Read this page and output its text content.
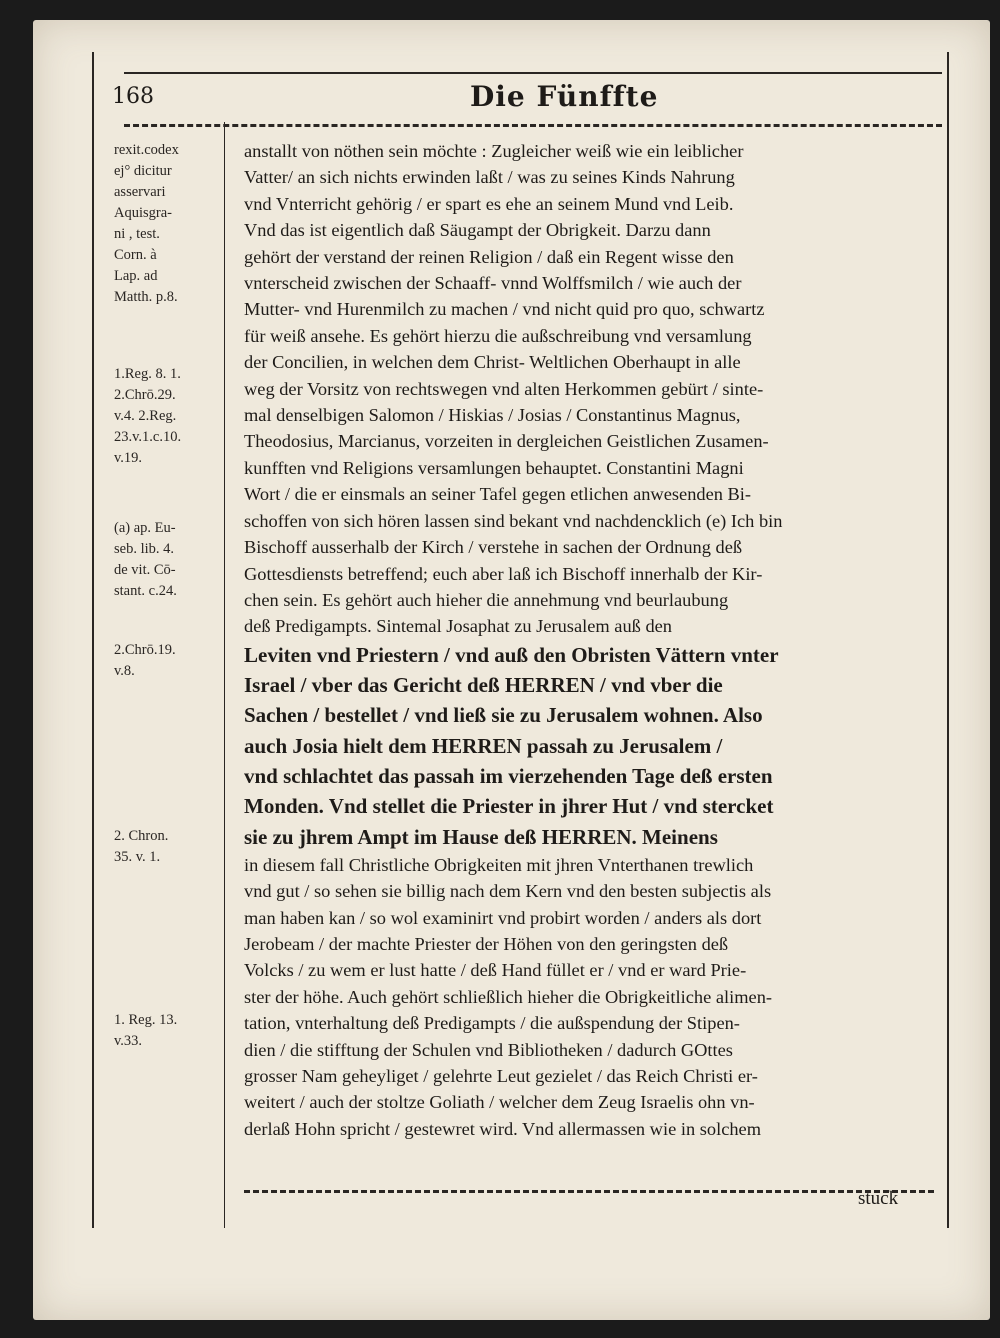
168	Die Fünffte
rexit.codex
ej° dicitur
asservari
Aquisgra-
ni , test.
Corn. à
Lap. ad
Matth. p.8.
1.Reg. 8. 1.
2.Chrō.29.
v.4. 2.Reg.
23.v.1.c.10.
v.19.
(a) ap. Eu-
seb. lib. 4.
de vit. Cō-
stant. c.24.
2.Chrō.19.
v.8.
2. Chron.
35. v. 1.
1. Reg. 13.
v.33.
anstallt von nöthen sein möchte : Zugleicher weiß wie ein leiblicher
Vatter/ an sich nichts erwinden laßt / was zu seines Kinds Nahrung
vnd Vnterricht gehörig / er spart es ehe an seinem Mund vnd Leib.
Vnd das ist eigentlich daß Säugampt der Obrigkeit. Darzu dann
gehört der verstand der reinen Religion / daß ein Regent wisse den
vnterscheid zwischen der Schaaff- vnnd Wolffsmilch / wie auch der
Mutter- vnd Hurenmilch zu machen / vnd nicht quid pro quo, schwartz
für weiß ansehe. Es gehört hierzu die außschreibung vnd versamlung
der Concilien, in welchen dem Christ- Weltlichen Oberhaupt in alle
weg der Vorsitz von rechtswegen vnd alten Herkommen gebürt / sinte-
mal denselbigen Salomon / Hiskias / Josias / Constantinus Magnus,
Theodosius, Marcianus, vorzeiten in dergleichen Geistlichen Zusamen-
kunfften vnd Religions versamlungen behauptet. Constantini Magni
Wort / die er einsmals an seiner Tafel gegen etlichen anwesenden Bi-
schoffen von sich hören lassen sind bekant vnd nachdencklich (e) Ich bin
Bischoff ausserhalb der Kirch / verstehe in sachen der Ordnung deß
Gottesdiensts betreffend; euch aber laß ich Bischoff innerhalb der Kir-
chen sein. Es gehört auch hieher die annehmung vnd beurlaubung
deß Predigampts. Sintemal Josaphat zu Jerusalem auß den
Leviten vnd Priestern / vnd auß den Obristen Vättern vnter
Israel / vber das Gericht deß HERREN / vnd vber die
Sachen / bestellet / vnd ließ sie zu Jerusalem wohnen. Also
auch Josia hielt dem HERREN passah zu Jerusalem /
vnd schlachtet das passah im vierzehenden Tage deß ersten
Monden. Vnd stellet die Priester in jhrer Hut / vnd stercket
sie zu jhrem Ampt im Hause deß HERREN. Meinens
in diesem fall Christliche Obrigkeiten mit jhren Vnterthanen trewlich
vnd gut / so sehen sie billig nach dem Kern vnd den besten subjectis als
man haben kan / so wol examinirt vnd probirt worden / anders als dort
Jerobeam / der machte Priester der Höhen von den geringsten deß
Volcks / zu wem er lust hatte / deß Hand füllet er / vnd er ward Prie-
ster der höhe. Auch gehört schließlich hieher die Obrigkeitliche alimen-
tation, vnterhaltung deß Predigampts / die außspendung der Stipen-
dien / die stifftung der Schulen vnd Bibliotheken / dadurch GOttes
grosser Nam geheyliget / gelehrte Leut gezielet / das Reich Christi er-
weitert / auch der stoltze Goliath / welcher dem Zeug Israelis ohn vn-
derlaß Hohn spricht / gestewret wird. Vnd allermassen wie in solchem
stuck
